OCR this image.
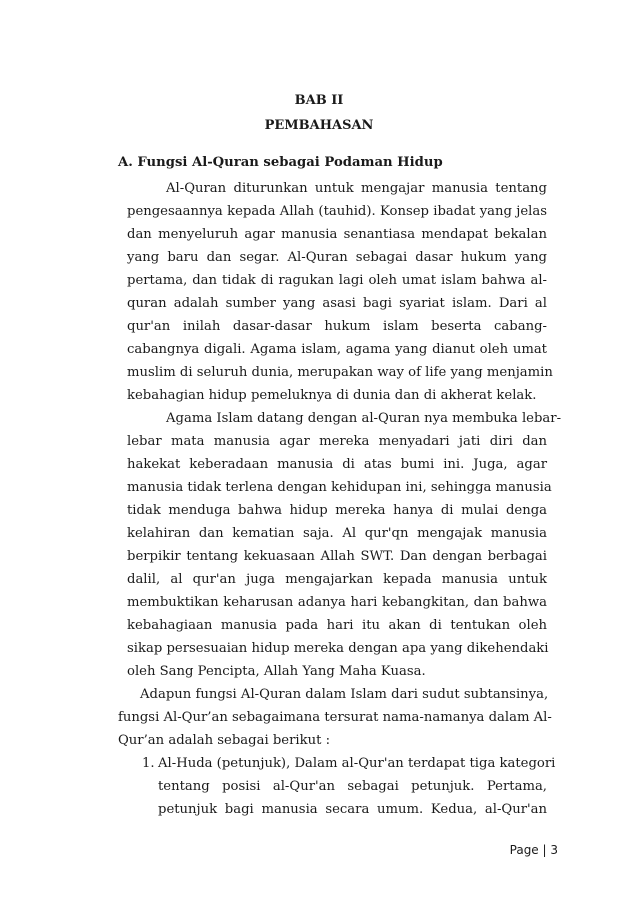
BAB II
PEMBAHASAN
A. Fungsi Al-Quran sebagai Podaman Hidup
Al-Quran diturunkan untuk mengajar manusia tentang
pengesaannya kepada Allah (tauhid). Konsep ibadat yang jelas
dan menyeluruh agar manusia senantiasa mendapat bekalan
yang baru dan segar. Al-Quran sebagai dasar hukum yang
pertama, dan tidak di ragukan lagi oleh umat islam bahwa al-
quran adalah sumber yang asasi bagi syariat islam. Dari al
qur'an inilah dasar-dasar hukum islam beserta cabang-
cabangnya digali. Agama islam, agama yang dianut oleh umat
muslim di seluruh dunia, merupakan way of life yang menjamin
kebahagian hidup pemeluknya di dunia dan di akherat kelak.
Agama Islam datang dengan al-Quran nya membuka lebar-
lebar mata manusia agar mereka menyadari jati diri dan
hakekat keberadaan manusia di atas bumi ini. Juga, agar
manusia tidak terlena dengan kehidupan ini, sehingga manusia
tidak menduga bahwa hidup mereka hanya di mulai denga
kelahiran dan kematian saja. Al qur'qn mengajak manusia
berpikir tentang kekuasaan Allah SWT. Dan dengan berbagai
dalil, al qur'an juga mengajarkan kepada manusia untuk
membuktikan keharusan adanya hari kebangkitan, dan bahwa
kebahagiaan manusia pada hari itu akan di tentukan oleh
sikap persesuaian hidup mereka dengan apa yang dikehendaki
oleh Sang Pencipta, Allah Yang Maha Kuasa.
Adapun fungsi Al-Quran dalam Islam dari sudut subtansinya,
fungsi Al-Qur’an sebagaimana tersurat nama-namanya dalam Al-
Qur’an adalah sebagai berikut :
1. Al-Huda (petunjuk), Dalam al-Qur'an terdapat tiga kategori
tentang posisi al-Qur'an sebagai petunjuk. Pertama,
petunjuk bagi manusia secara umum. Kedua, al-Qur'an
Page | 3
